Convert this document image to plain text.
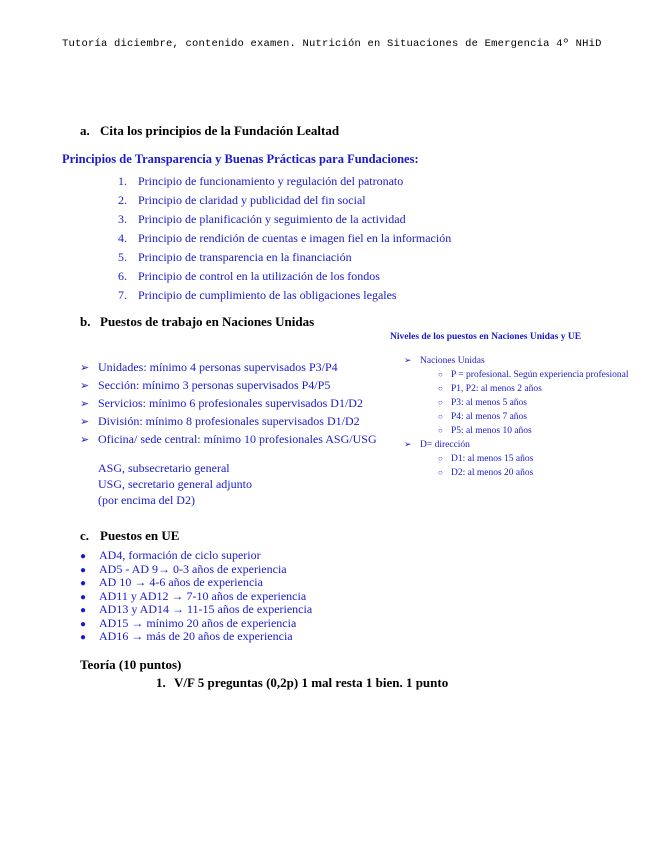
Tutoría diciembre, contenido examen. Nutrición en Situaciones de Emergencia 4º NHiD
a. Cita los principios de la Fundación Lealtad
Principios de Transparencia y Buenas Prácticas para Fundaciones:
1. Principio de funcionamiento y regulación del patronato
2. Principio de claridad y publicidad del fin social
3. Principio de planificación y seguimiento de la actividad
4. Principio de rendición de cuentas e imagen fiel en la información
5. Principio de transparencia en la financiación
6. Principio de control en la utilización de los fondos
7. Principio de cumplimiento de las obligaciones legales
b. Puestos de trabajo en Naciones Unidas
➢ Unidades: mínimo 4 personas supervisados P3/P4
➢ Sección: mínimo 3 personas supervisados P4/P5
➢ Servicios: mínimo 6 profesionales supervisados D1/D2
➢ División: mínimo 8 profesionales supervisados D1/D2
➢ Oficina/ sede central: mínimo 10 profesionales ASG/USG
ASG, subsecretario general
USG, secretario general adjunto
(por encima del D2)
Niveles de los puestos en Naciones Unidas y UE
➢ Naciones Unidas
○ P = profesional. Según experiencia profesional
○ P1, P2: al menos 2 años
○ P3: al menos 5 años
○ P4: al menos 7 años
○ P5: al menos 10 años
➢ D= dirección
○ D1: al menos 15 años
○ D2: al menos 20 años
c. Puestos en UE
● AD4, formación de ciclo superior
● AD5 - AD 9→ 0-3 años de experiencia
● AD 10 → 4-6 años de experiencia
● AD11 y AD12 → 7-10 años de experiencia
● AD13 y AD14 → 11-15 años de experiencia
● AD15 → mínimo 20 años de experiencia
● AD16 → más de 20 años de experiencia
Teoría (10 puntos)
1. V/F 5 preguntas (0,2p) 1 mal resta 1 bien. 1 punto
